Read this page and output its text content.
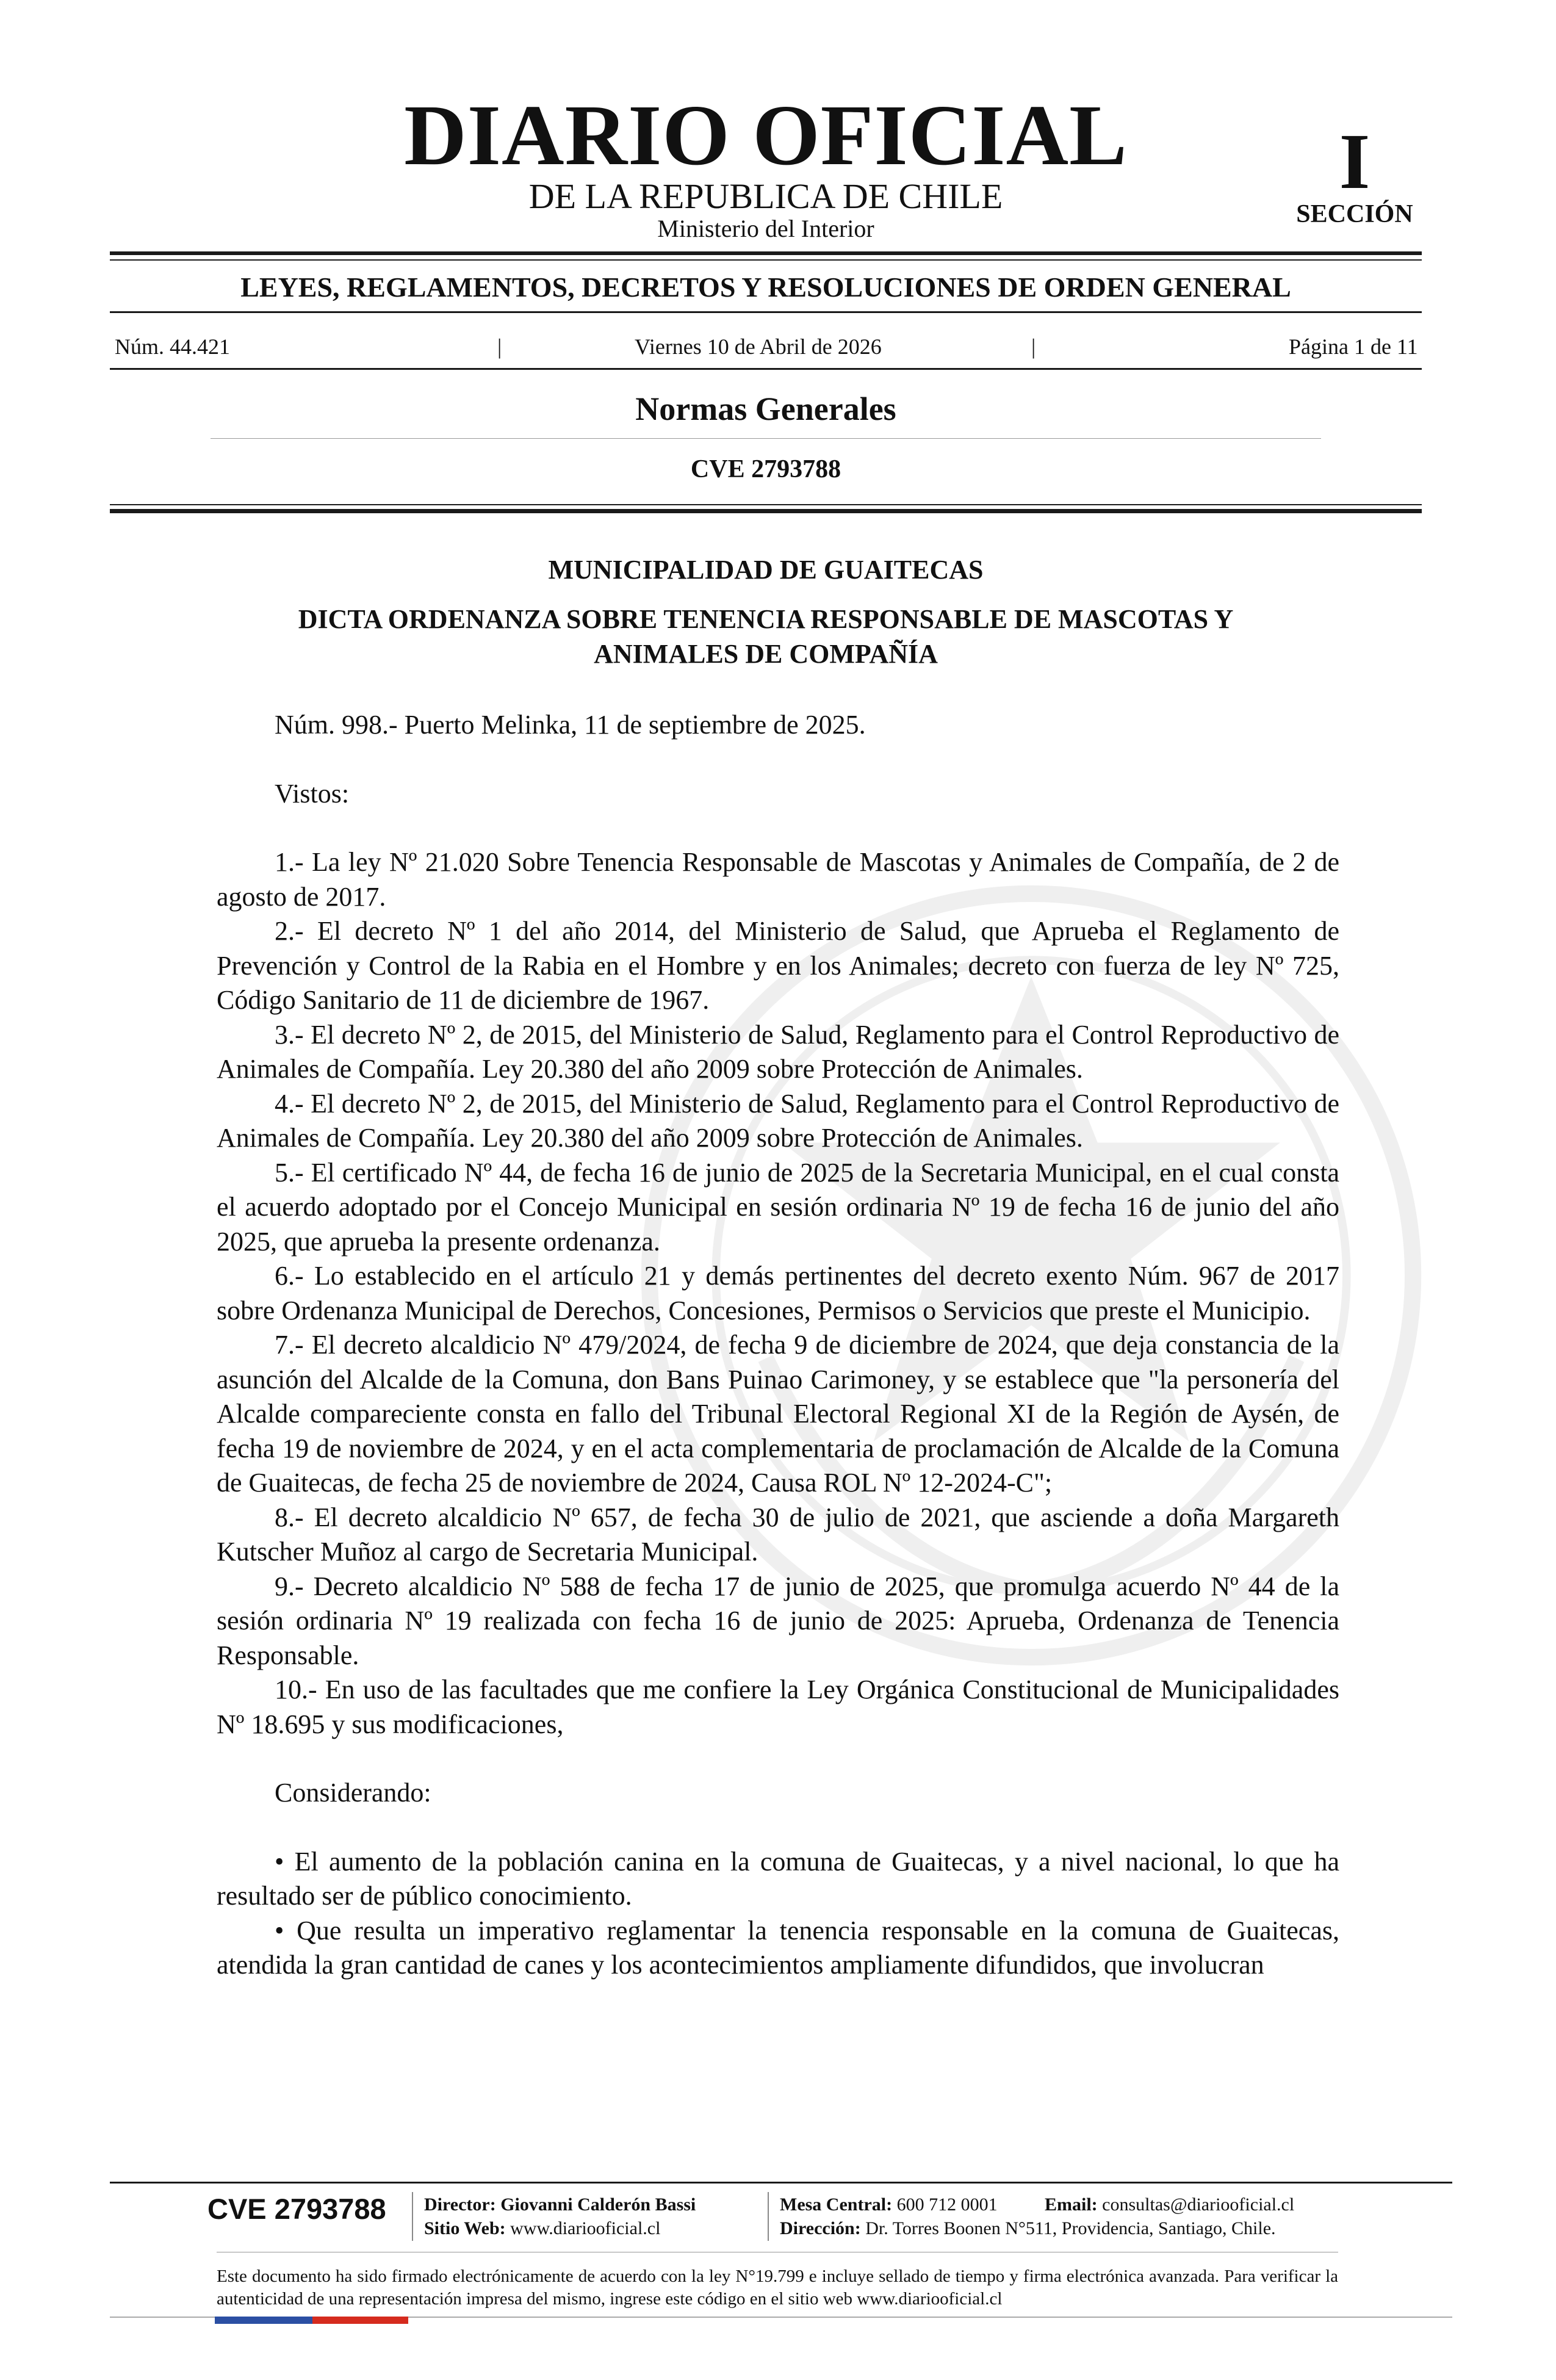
DIARIO OFICIAL
DE LA REPUBLICA DE CHILE
Ministerio del Interior
I
SECCIÓN
LEYES, REGLAMENTOS, DECRETOS Y RESOLUCIONES DE ORDEN GENERAL
Núm. 44.421	|	Viernes 10 de Abril de 2026	|	Página 1 de 11
Normas Generales
CVE 2793788
MUNICIPALIDAD DE GUAITECAS
DICTA ORDENANZA SOBRE TENENCIA RESPONSABLE DE MASCOTAS Y
ANIMALES DE COMPAÑÍA

Núm. 998.- Puerto Melinka, 11 de septiembre de 2025.

Vistos:

1.- La ley Nº 21.020 Sobre Tenencia Responsable de Mascotas y Animales de Compañía, de 2 de agosto de 2017.

2.- El decreto Nº 1 del año 2014, del Ministerio de Salud, que Aprueba el Reglamento de Prevención y Control de la Rabia en el Hombre y en los Animales; decreto con fuerza de ley Nº 725, Código Sanitario de 11 de diciembre de 1967.

3.- El decreto Nº 2, de 2015, del Ministerio de Salud, Reglamento para el Control Reproductivo de Animales de Compañía. Ley 20.380 del año 2009 sobre Protección de Animales.

4.- El decreto Nº 2, de 2015, del Ministerio de Salud, Reglamento para el Control Reproductivo de Animales de Compañía. Ley 20.380 del año 2009 sobre Protección de Animales.

5.- El certificado Nº 44, de fecha 16 de junio de 2025 de la Secretaria Municipal, en el cual consta el acuerdo adoptado por el Concejo Municipal en sesión ordinaria Nº 19 de fecha 16 de junio del año 2025, que aprueba la presente ordenanza.

6.- Lo establecido en el artículo 21 y demás pertinentes del decreto exento Núm. 967 de 2017 sobre Ordenanza Municipal de Derechos, Concesiones, Permisos o Servicios que preste el Municipio.

7.- El decreto alcaldicio Nº 479/2024, de fecha 9 de diciembre de 2024, que deja constancia de la asunción del Alcalde de la Comuna, don Bans Puinao Carimoney, y se establece que "la personería del Alcalde compareciente consta en fallo del Tribunal Electoral Regional XI de la Región de Aysén, de fecha 19 de noviembre de 2024, y en el acta complementaria de proclamación de Alcalde de la Comuna de Guaitecas, de fecha 25 de noviembre de 2024, Causa ROL Nº 12-2024-C";

8.- El decreto alcaldicio Nº 657, de fecha 30 de julio de 2021, que asciende a doña Margareth Kutscher Muñoz al cargo de Secretaria Municipal.

9.- Decreto alcaldicio Nº 588 de fecha 17 de junio de 2025, que promulga acuerdo Nº 44 de la sesión ordinaria Nº 19 realizada con fecha 16 de junio de 2025: Aprueba, Ordenanza de Tenencia Responsable.

10.- En uso de las facultades que me confiere la Ley Orgánica Constitucional de Municipalidades Nº 18.695 y sus modificaciones,

Considerando:

• El aumento de la población canina en la comuna de Guaitecas, y a nivel nacional, lo que ha resultado ser de público conocimiento.

• Que resulta un imperativo reglamentar la tenencia responsable en la comuna de Guaitecas, atendida la gran cantidad de canes y los acontecimientos ampliamente difundidos, que involucran

CVE 2793788 Director: Giovanni Calderón Bassi
Sitio Web: www.diariooficial.cl
Mesa Central: 600 712 0001	Email: consultas@diariooficial.cl
Dirección: Dr. Torres Boonen N°511, Providencia, Santiago, Chile.
Este documento ha sido firmado electrónicamente de acuerdo con la ley N°19.799 e incluye sellado de tiempo y firma electrónica avanzada. Para verificar la autenticidad de una representación impresa del mismo, ingrese este código en el sitio web www.diariooficial.cl
